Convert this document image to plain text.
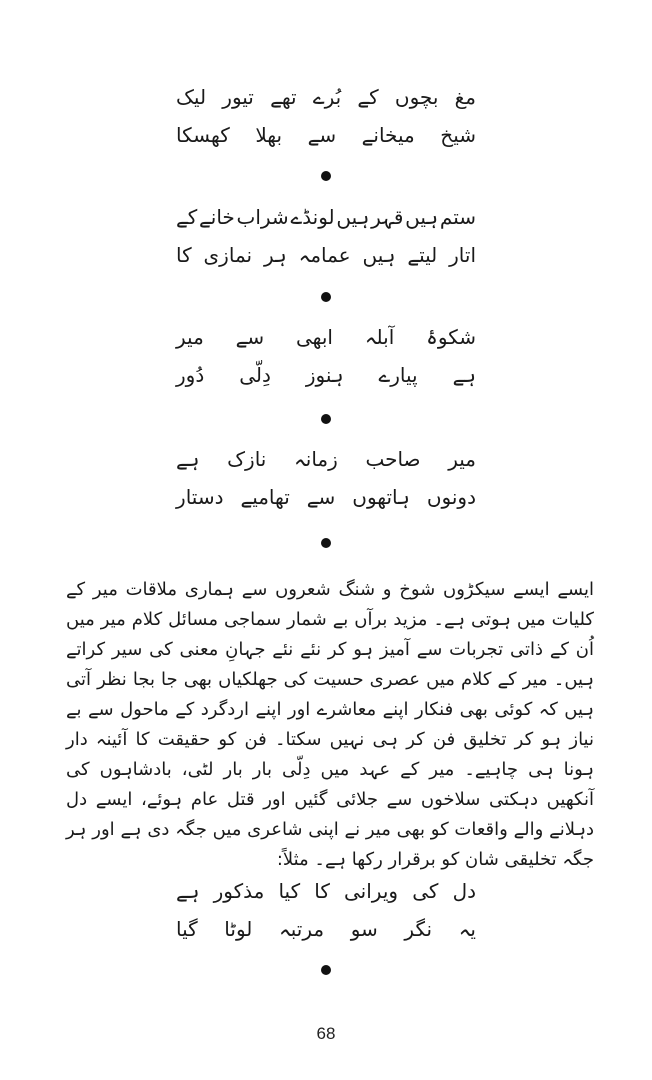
مغ
بچوں
کے
بُرے
تھے
تیور
لیک
شیخ
میخانے
سے
بھلا
کھسکا
ستم
ہیں
قہر
ہیں
لونڈے
شراب
خانے
کے
اتار
لیتے
ہیں
عمامہ
ہر
نمازی
کا
شکوۂ
آبلہ
ابھی
سے
میر
ہے
پیارے
ہنوز
دِلّی
دُور
میر
صاحب
زمانہ
نازک
ہے
دونوں
ہاتھوں
سے
تھامیے
دستار

ایسے ایسے سیکڑوں شوخ و شنگ شعروں سے ہماری ملاقات میر کے کلیات میں ہوتی ہے۔ مزید برآں بے شمار سماجی مسائل کلام میر میں اُن کے ذاتی تجربات سے آمیز ہو کر نئے نئے جہانِ معنی کی سیر کراتے ہیں۔ میر کے کلام میں عصری حسیت کی جھلکیاں بھی جا بجا نظر آتی ہیں کہ کوئی بھی فنکار اپنے معاشرے اور اپنے اردگرد کے ماحول سے بے نیاز ہو کر تخلیق فن کر ہی نہیں سکتا۔ فن کو حقیقت کا آئینہ دار ہونا ہی چاہیے۔ میر کے عہد میں دِلّی بار بار لٹی، بادشاہوں کی آنکھیں دہکتی سلاخوں سے جلائی گئیں اور قتل عام ہوئے، ایسے دل دہلانے والے واقعات کو بھی میر نے اپنی شاعری میں جگہ دی ہے اور ہر جگہ تخلیقی شان کو برقرار رکھا ہے۔ مثلاً:

دل
کی
ویرانی
کا
کیا
مذکور
ہے
یہ
نگر
سو
مرتبہ
لوٹا
گیا
68
